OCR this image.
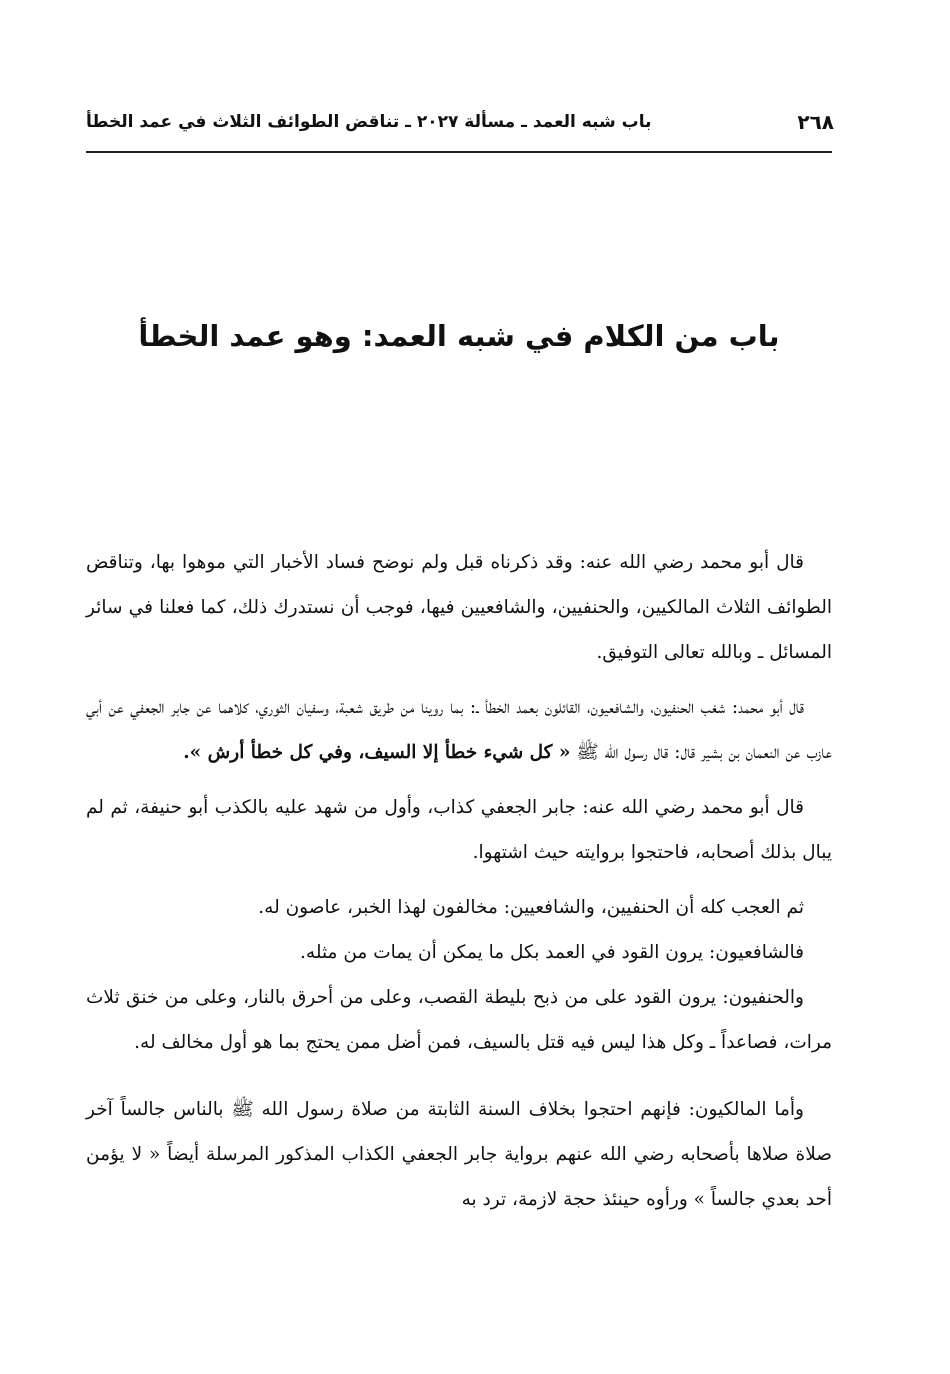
٢٦٨
باب شبه العمد ـ مسألة ٢٠٢٧ ـ تناقض الطوائف الثلاث في عمد الخطأ
باب من الكلام في شبه العمد: وهو عمد الخطأ

قال أبو محمد رضي الله عنه: وقد ذكرناه قبل ولم نوضح فساد الأخبار التي موهوا بها، وتناقض الطوائف الثلاث المالكيين، والحنفيين، والشافعيين فيها، فوجب أن نستدرك ذلك، كما فعلنا في سائر المسائل ـ وبالله تعالى التوفيق.

قال أبو محمد: شغب الحنفيون، والشافعيون، القائلون بعمد الخطأ ـ: بما روينا من طريق شعبة، وسفيان الثوري، كلاهما عن جابر الجعفي عن أبي عازب عن النعمان بن بشير قال: قال رسول الله ﷺ « كل شيء خطأ إلا السيف، وفي كل خطأ أرش ».

قال أبو محمد رضي الله عنه: جابر الجعفي كذاب، وأول من شهد عليه بالكذب أبو حنيفة، ثم لم يبال بذلك أصحابه، فاحتجوا بروايته حيث اشتهوا.

ثم العجب كله أن الحنفيين، والشافعيين: مخالفون لهذا الخبر، عاصون له.

فالشافعيون: يرون القود في العمد بكل ما يمكن أن يمات من مثله.

والحنفيون: يرون القود على من ذبح بليطة القصب، وعلى من أحرق بالنار، وعلى من خنق ثلاث مرات، فصاعداً ـ وكل هذا ليس فيه قتل بالسيف، فمن أضل ممن يحتج بما هو أول مخالف له.

وأما المالكيون: فإنهم احتجوا بخلاف السنة الثابتة من صلاة رسول الله ﷺ بالناس جالساً آخر صلاة صلاها بأصحابه رضي الله عنهم برواية جابر الجعفي الكذاب المذكور المرسلة أيضاً « لا يؤمن أحد بعدي جالساً » ورأوه حينئذ حجة لازمة، ترد به
